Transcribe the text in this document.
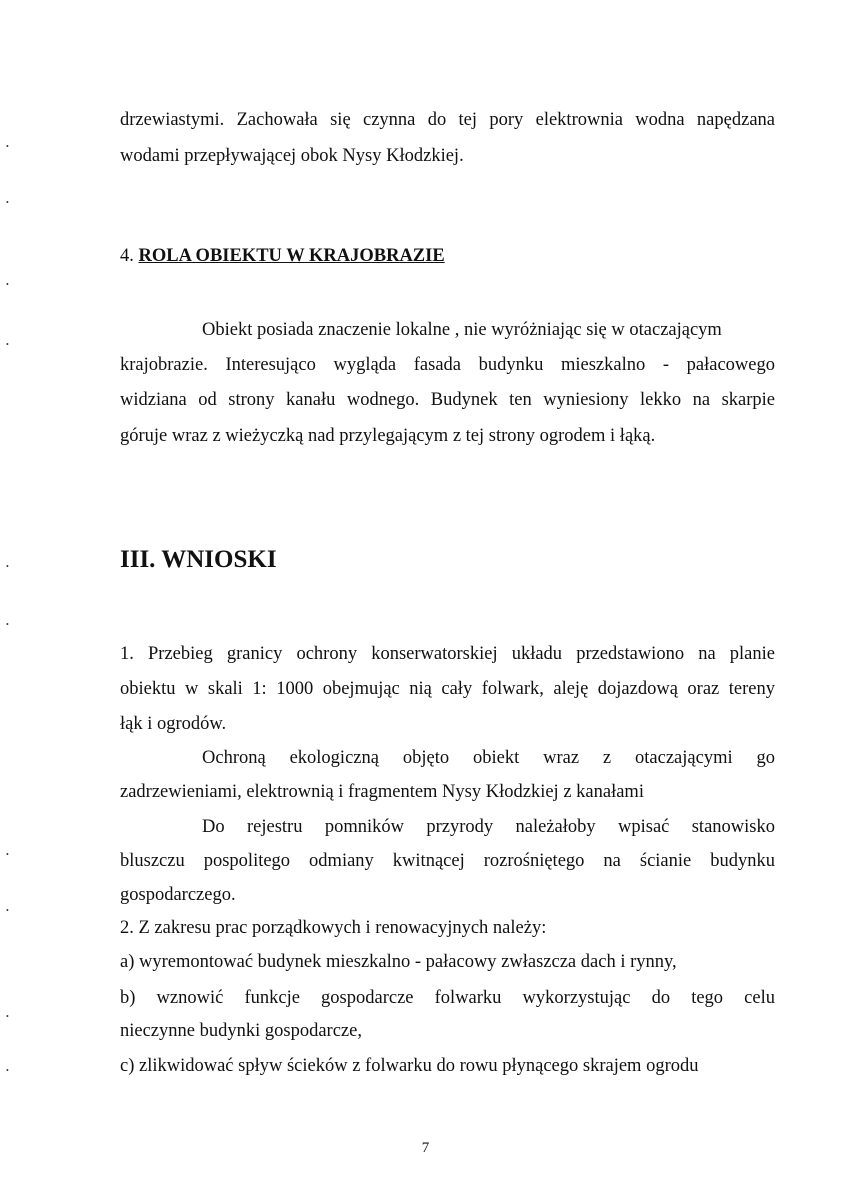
drzewiastymi. Zachowała się czynna do tej pory elektrownia wodna napędzana
wodami przepływającej obok Nysy Kłodzkiej.
4. ROLA OBIEKTU W KRAJOBRAZIE
Obiekt posiada znaczenie lokalne , nie wyróżniając się w otaczającym
krajobrazie. Interesująco wygląda fasada budynku mieszkalno - pałacowego
widziana od strony kanału wodnego. Budynek ten wyniesiony lekko na skarpie
góruje wraz z wieżyczką nad przylegającym z tej strony ogrodem i łąką.
III. WNIOSKI
1. Przebieg granicy ochrony konserwatorskiej układu przedstawiono na planie
obiektu w skali 1: 1000 obejmując nią cały folwark, aleję dojazdową oraz tereny
łąk i ogrodów.
Ochroną ekologiczną objęto obiekt wraz z otaczającymi go
zadrzewieniami, elektrownią i fragmentem Nysy Kłodzkiej z kanałami
Do rejestru pomników przyrody należałoby wpisać stanowisko
bluszczu pospolitego odmiany kwitnącej rozrośniętego na ścianie budynku
gospodarczego.
2. Z zakresu prac porządkowych i renowacyjnych należy:
a) wyremontować budynek mieszkalno - pałacowy zwłaszcza dach i rynny,
b) wznowić funkcje gospodarcze folwarku wykorzystując do tego celu
nieczynne budynki gospodarcze,
c) zlikwidować spływ ścieków z folwarku do rowu płynącego skrajem ogrodu
7
•
•
•
•
•
•
•
•
•
•
